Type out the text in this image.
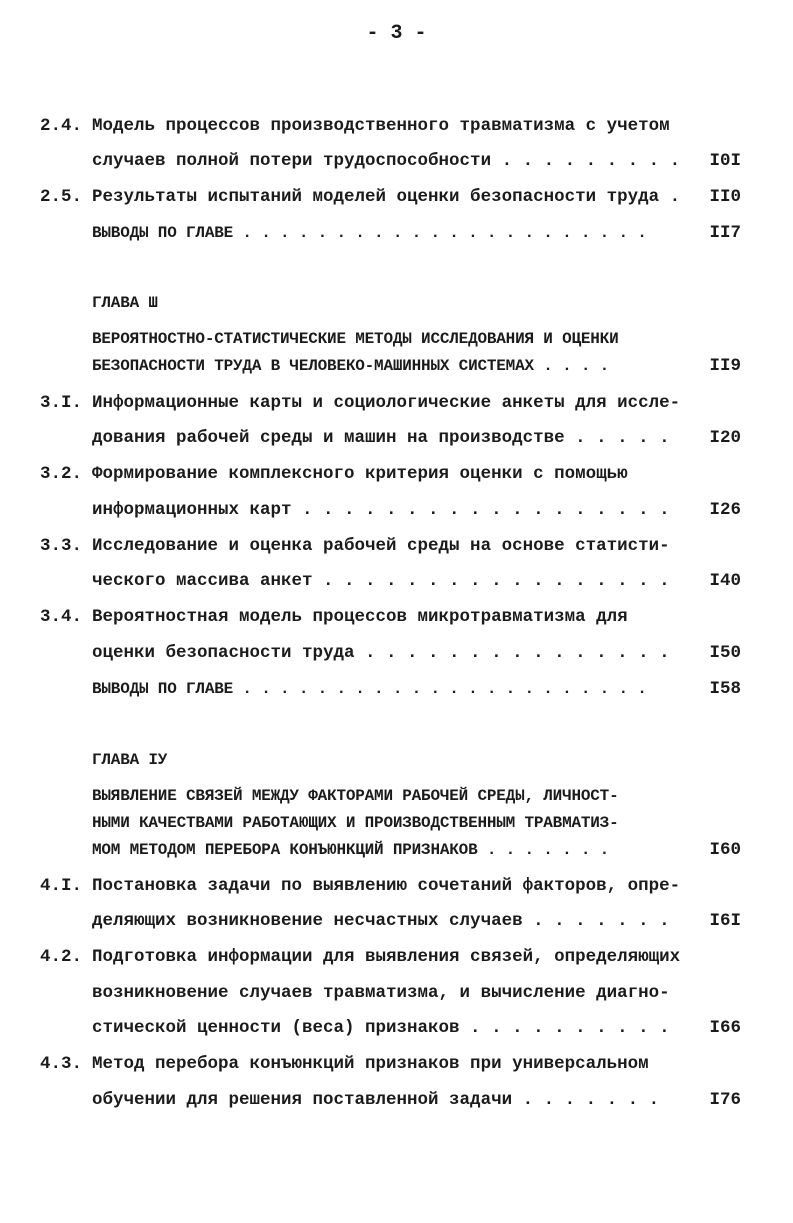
- 3 -
2.4. Модель процессов производственного травматизма с учетом
случаев полной потери трудоспособности . . . . . . . . . I0I
2.5. Результаты испытаний моделей оценки безопасности труда . II0
ВЫВОДЫ ПО ГЛАВЕ . . . . . . . . . . . . . . . . . . . . . .	II7
ГЛАВА Ш
ВЕРОЯТНОСТНО-СТАТИСТИЧЕСКИЕ МЕТОДЫ ИССЛЕДОВАНИЯ И ОЦЕНКИ
БЕЗОПАСНОСТИ ТРУДА В ЧЕЛОВЕКО-МАШИННЫХ СИСТЕМАХ . . . .	II9
3.I. Информационные карты и социологические анкеты для иссле-
дования рабочей среды и машин на производстве . . . . . I20
3.2. Формирование комплексного критерия оценки с помощью
информационных карт . . . . . . . . . . . . . . . . . . I26
3.3. Исследование и оценка рабочей среды на основе статисти-
ческого массива анкет . . . . . . . . . . . . . . . . . I40
3.4. Вероятностная модель процессов микротравматизма для
оценки безопасности труда . . . . . . . . . . . . . . . I50
ВЫВОДЫ ПО ГЛАВЕ . . . . . . . . . . . . . . . . . . . . . .	I58
ГЛАВА IУ
ВЫЯВЛЕНИЕ СВЯЗЕЙ МЕЖДУ ФАКТОРАМИ РАБОЧЕЙ СРЕДЫ, ЛИЧНОСТ-
НЫМИ КАЧЕСТВАМИ РАБОТАЮЩИХ И ПРОИЗВОДСТВЕННЫМ ТРАВМАТИЗ-
МОМ МЕТОДОМ ПЕРЕБОРА КОНЪЮНКЦИЙ ПРИЗНАКОВ . . . . . . .	I60
4.I. Постановка задачи по выявлению сочетаний факторов, опре-
деляющих возникновение несчастных случаев . . . . . . . I6I
4.2. Подготовка информации для выявления связей, определяющих
возникновение случаев травматизма, и вычисление диагно-
стической ценности (веса) признаков . . . . . . . . . . I66
4.3. Метод перебора конъюнкций признаков при универсальном
обучении для решения поставленной задачи . . . . . . .	I76
